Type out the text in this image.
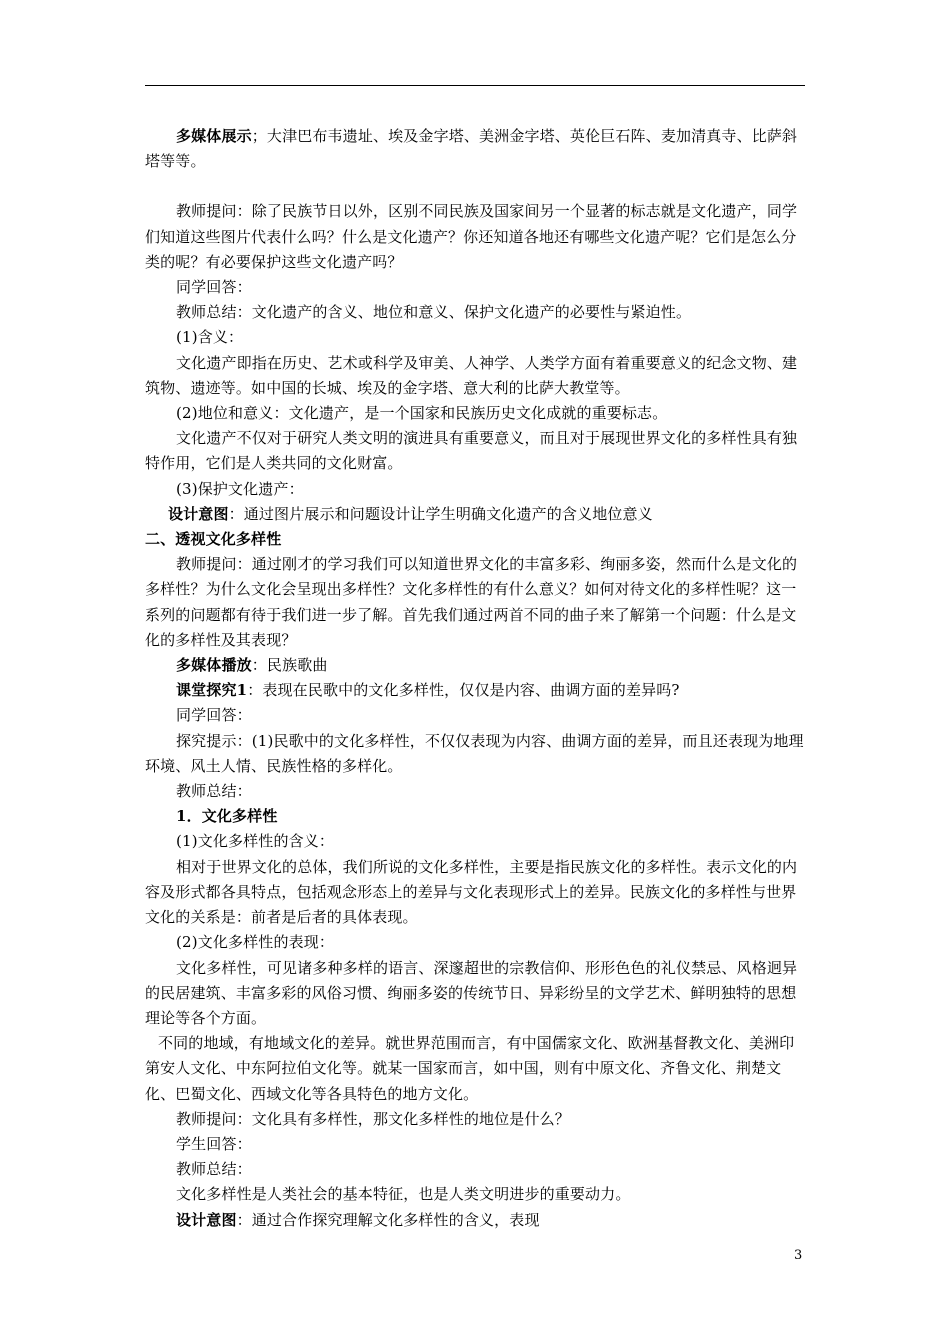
多媒体展示；大津巴布韦遗址、埃及金字塔、美洲金字塔、英伦巨石阵、麦加清真寺、比萨斜塔等等。

教师提问：除了民族节日以外，区别不同民族及国家间另一个显著的标志就是文化遗产，同学们知道这些图片代表什么吗？什么是文化遗产？你还知道各地还有哪些文化遗产呢？它们是怎么分类的呢？有必要保护这些文化遗产吗？

同学回答：

教师总结：文化遗产的含义、地位和意义、保护文化遗产的必要性与紧迫性。

(1)含义：

文化遗产即指在历史、艺术或科学及审美、人神学、人类学方面有着重要意义的纪念文物、建筑物、遗迹等。如中国的长城、埃及的金字塔、意大利的比萨大教堂等。

(2)地位和意义：文化遗产，是一个国家和民族历史文化成就的重要标志。

文化遗产不仅对于研究人类文明的演进具有重要意义，而且对于展现世界文化的多样性具有独特作用，它们是人类共同的文化财富。

(3)保护文化遗产：

设计意图：通过图片展示和问题设计让学生明确文化遗产的含义地位意义

二、透视文化多样性

教师提问：通过刚才的学习我们可以知道世界文化的丰富多彩、绚丽多姿，然而什么是文化的多样性？为什么文化会呈现出多样性？文化多样性的有什么意义？如何对待文化的多样性呢？这一系列的问题都有待于我们进一步了解。首先我们通过两首不同的曲子来了解第一个问题：什么是文化的多样性及其表现？

多媒体播放：民族歌曲

课堂探究1：表现在民歌中的文化多样性，仅仅是内容、曲调方面的差异吗?

同学回答：

探究提示：(1)民歌中的文化多样性，不仅仅表现为内容、曲调方面的差异，而且还表现为地理环境、风土人情、民族性格的多样化。

教师总结：

1．文化多样性

(1)文化多样性的含义：

相对于世界文化的总体，我们所说的文化多样性，主要是指民族文化的多样性。表示文化的内容及形式都各具特点，包括观念形态上的差异与文化表现形式上的差异。民族文化的多样性与世界文化的关系是：前者是后者的具体表现。

(2)文化多样性的表现：

文化多样性，可见诸多种多样的语言、深邃超世的宗教信仰、形形色色的礼仪禁忌、风格迥异的民居建筑、丰富多彩的风俗习惯、绚丽多姿的传统节日、异彩纷呈的文学艺术、鲜明独特的思想理论等各个方面。

不同的地域，有地域文化的差异。就世界范围而言，有中国儒家文化、欧洲基督教文化、美洲印第安人文化、中东阿拉伯文化等。就某一国家而言，如中国，则有中原文化、齐鲁文化、荆楚文化、巴蜀文化、西域文化等各具特色的地方文化。

教师提问：文化具有多样性，那文化多样性的地位是什么？

学生回答：

教师总结：

文化多样性是人类社会的基本特征，也是人类文明进步的重要动力。

设计意图：通过合作探究理解文化多样性的含义，表现

3
